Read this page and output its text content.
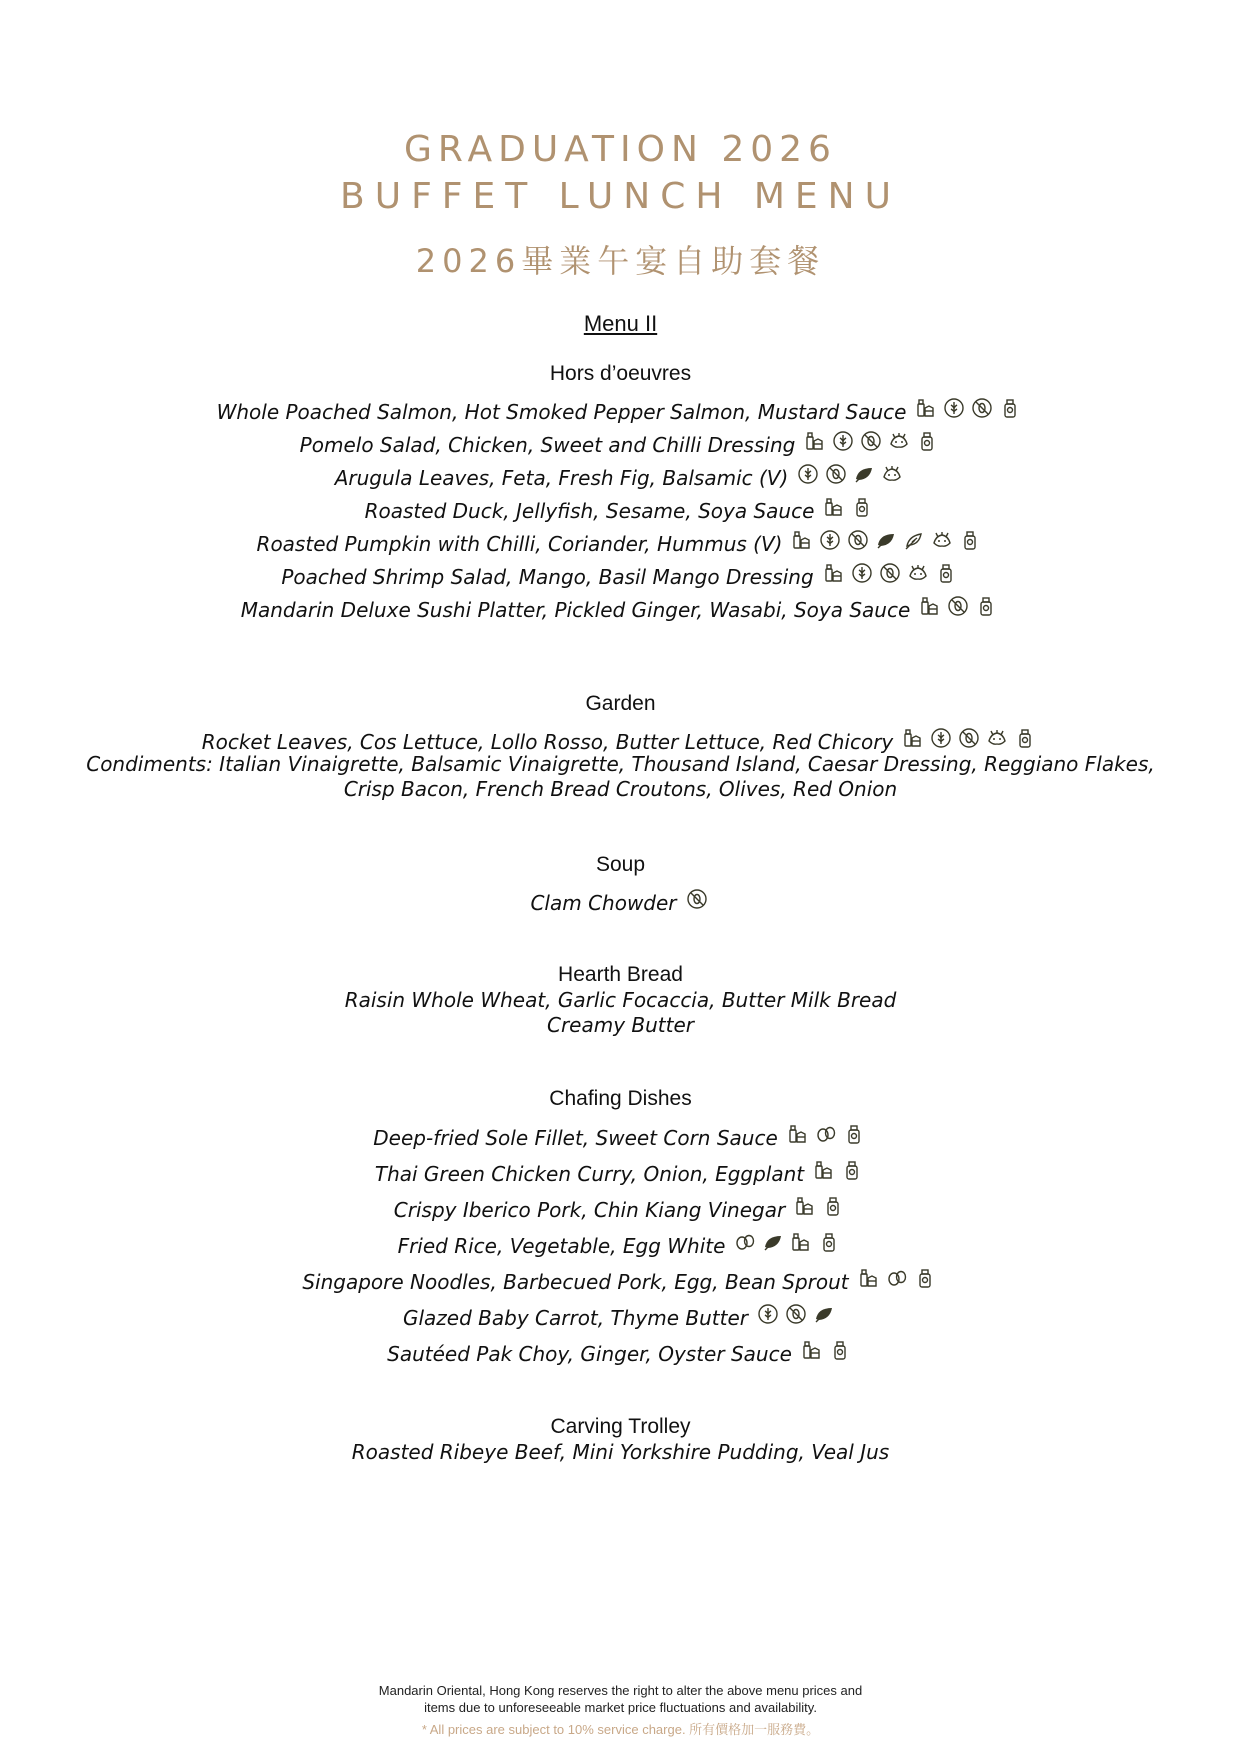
GRADUATION 2026
BUFFET LUNCH MENU
2026畢業午宴自助套餐
Menu II
Hors d’oeuvres
Whole Poached Salmon, Hot Smoked Pepper Salmon, Mustard Sauce
Pomelo Salad, Chicken, Sweet and Chilli Dressing
Arugula Leaves, Feta, Fresh Fig, Balsamic (V)
Roasted Duck, Jellyfish, Sesame, Soya Sauce
Roasted Pumpkin with Chilli, Coriander, Hummus (V)
Poached Shrimp Salad, Mango, Basil Mango Dressing
Mandarin Deluxe Sushi Platter, Pickled Ginger, Wasabi, Soya Sauce
Garden
Rocket Leaves, Cos Lettuce, Lollo Rosso, Butter Lettuce, Red Chicory
Condiments: Italian Vinaigrette, Balsamic Vinaigrette, Thousand Island, Caesar Dressing, Reggiano Flakes,
Crisp Bacon, French Bread Croutons, Olives, Red Onion
Soup
Clam Chowder
Hearth Bread
Raisin Whole Wheat, Garlic Focaccia, Butter Milk Bread
Creamy Butter
Chafing Dishes
Deep-fried Sole Fillet, Sweet Corn Sauce
Thai Green Chicken Curry, Onion, Eggplant
Crispy Iberico Pork, Chin Kiang Vinegar
Fried Rice, Vegetable, Egg White
Singapore Noodles, Barbecued Pork, Egg, Bean Sprout
Glazed Baby Carrot, Thyme Butter
Sautéed Pak Choy, Ginger, Oyster Sauce
Carving Trolley
Roasted Ribeye Beef, Mini Yorkshire Pudding, Veal Jus
Mandarin Oriental, Hong Kong reserves the right to alter the above menu prices and
items due to unforeseeable market price fluctuations and availability.
* All prices are subject to 10% service charge. 所有價格加一服務費。
